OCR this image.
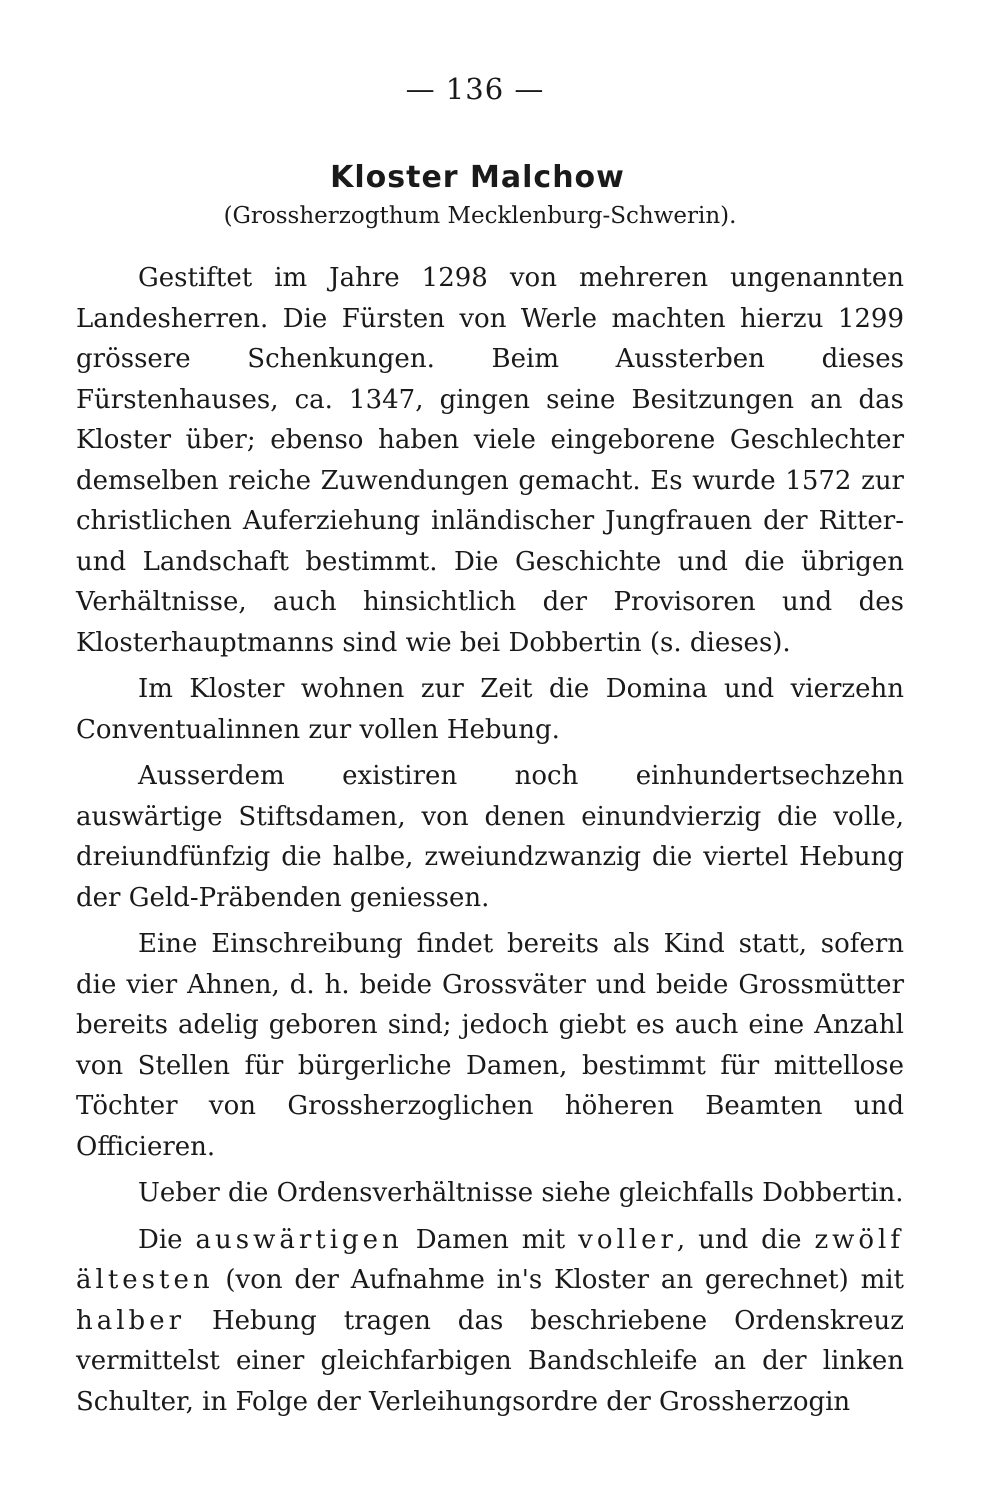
— 136 —
Kloster Malchow
(Grossherzogthum Mecklenburg-Schwerin).

Gestiftet im Jahre 1298 von mehreren ungenannten Landesherren. Die Fürsten von Werle machten hierzu 1299 grössere Schenkungen. Beim Aussterben dieses Fürstenhauses, ca. 1347, gingen seine Besitzungen an das Kloster über; ebenso haben viele eingeborene Geschlechter demselben reiche Zuwendungen gemacht. Es wurde 1572 zur christlichen Auferziehung inländischer Jungfrauen der Ritter- und Landschaft bestimmt. Die Geschichte und die übrigen Verhältnisse, auch hinsichtlich der Provisoren und des Klosterhauptmanns sind wie bei Dobbertin (s. dieses).

Im Kloster wohnen zur Zeit die Domina und vierzehn Conventualinnen zur vollen Hebung.

Ausserdem existiren noch einhundertsechzehn auswärtige Stiftsdamen, von denen einundvierzig die volle, dreiundfünfzig die halbe, zweiundzwanzig die viertel Hebung der Geld-Präbenden geniessen.

Eine Einschreibung findet bereits als Kind statt, sofern die vier Ahnen, d. h. beide Grossväter und beide Grossmütter bereits adelig geboren sind; jedoch giebt es auch eine Anzahl von Stellen für bürgerliche Damen, bestimmt für mittellose Töchter von Grossherzoglichen höheren Beamten und Officieren.

Ueber die Ordensverhältnisse siehe gleichfalls Dobbertin.

Die auswärtigen Damen mit voller, und die zwölf ältesten (von der Aufnahme in's Kloster an gerechnet) mit halber Hebung tragen das beschriebene Ordenskreuz vermittelst einer gleichfarbigen Bandschleife an der linken Schulter, in Folge der Verleihungsordre der Grossherzogin
